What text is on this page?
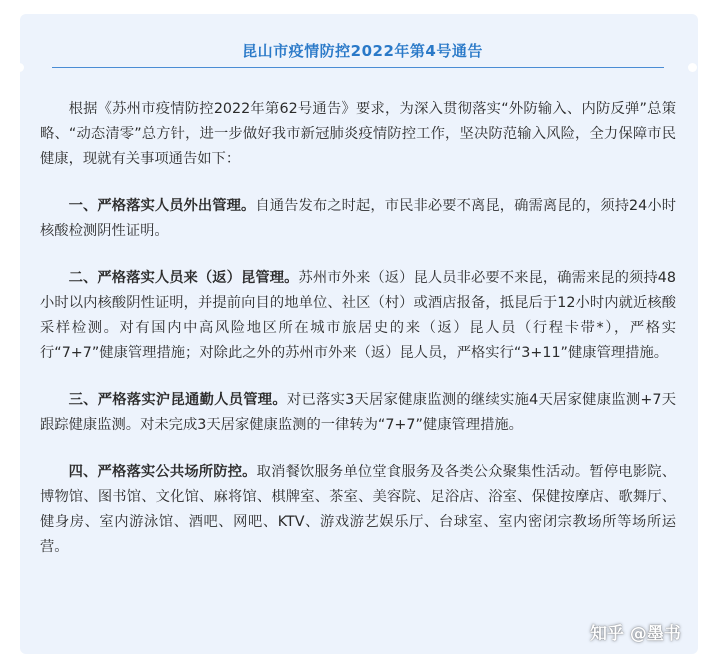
昆山市疫情防控2022年第4号通告

根据《苏州市疫情防控2022年第62号通告》要求，为深入贯彻落实“外防输入、内防反弹”总策略、“动态清零”总方针，进一步做好我市新冠肺炎疫情防控工作，坚决防范输入风险，全力保障市民健康，现就有关事项通告如下：

一、严格落实人员外出管理。自通告发布之时起，市民非必要不离昆，确需离昆的，须持24小时核酸检测阴性证明。

二、严格落实人员来（返）昆管理。苏州市外来（返）昆人员非必要不来昆，确需来昆的须持48小时以内核酸阴性证明，并提前向目的地单位、社区（村）或酒店报备，抵昆后于12小时内就近核酸采样检测。对有国内中高风险地区所在城市旅居史的来（返）昆人员（行程卡带*），严格实行“7+7”健康管理措施；对除此之外的苏州市外来（返）昆人员，严格实行“3+11”健康管理措施。

三、严格落实沪昆通勤人员管理。对已落实3天居家健康监测的继续实施4天居家健康监测+7天跟踪健康监测。对未完成3天居家健康监测的一律转为“7+7”健康管理措施。

四、严格落实公共场所防控。取消餐饮服务单位堂食服务及各类公众聚集性活动。暂停电影院、博物馆、图书馆、文化馆、麻将馆、棋牌室、茶室、美容院、足浴店、浴室、保健按摩店、歌舞厅、健身房、室内游泳馆、酒吧、网吧、KTV、游戏游艺娱乐厅、台球室、室内密闭宗教场所等场所运营。

知乎 @墨书
